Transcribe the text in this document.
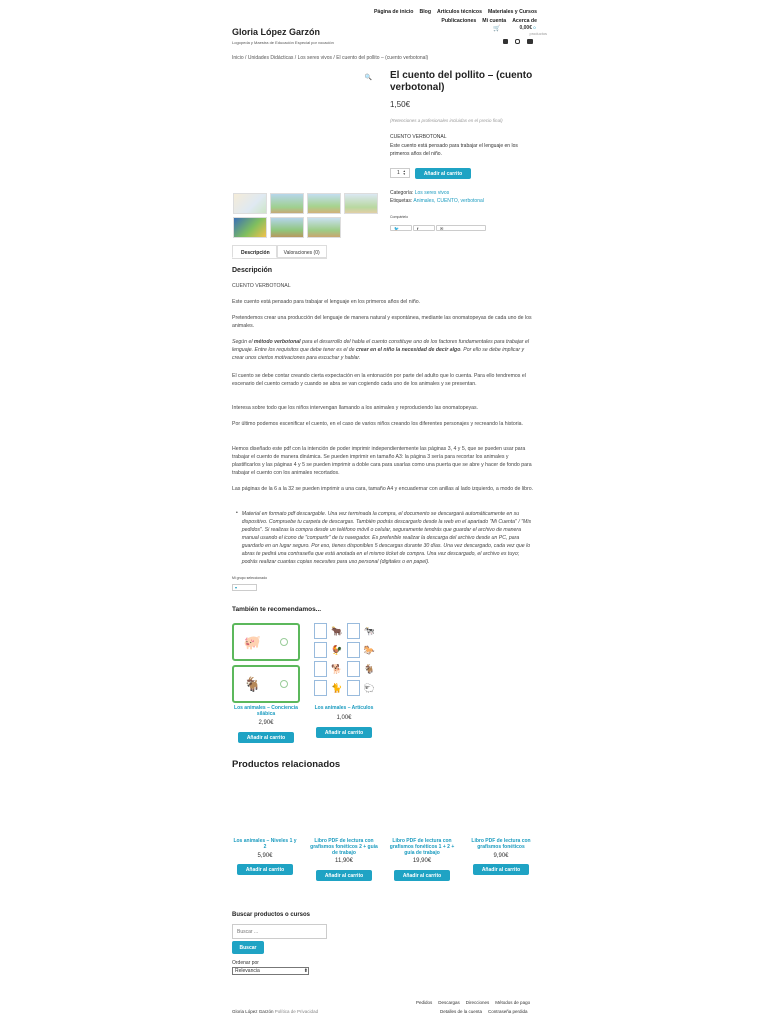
Gloria López Garzón
Logopeda y Maestra de Educación Especial por vocación
Página de inicio Blog Artículos técnicos Materiales y Cursos
Publicaciones Mi cuenta Acerca de
🛒	0,00€ 0
productos
Inicio / Unidades Didácticas / Los seres vivos / El cuento del pollito – (cuento verbotonal)
🔍 El cuento del pollito – (cuento verbotonal)
1,50€
(Retenciones a profesionales incluidas en el precio final)
CUENTO VERBOTONAL
Este cuento está pensado para trabajar el lenguaje en los primeros años del niño.
1 ▲
▼	Añadir al carrito
Categoría: Los seres vivos
Etiquetas: Animales, CUENTO, verbotonal
Compártelo
🐦	f	✉
Descripción	Valoraciones (0)
Descripción
CUENTO VERBOTONAL
Este cuento está pensado para trabajar el lenguaje en los primeros años del niño.
Pretendemos crear una producción del lenguaje de manera natural y espontánea, mediante las onomatopeyas de cada uno de los animales.
Según el método verbotonal para el desarrollo del habla el cuento constituye uno de los factores fundamentales para trabajar el lenguaje. Entre los requisitos que debe tener es el de crear en el niño la necesidad de decir algo. Por ello se debe implicar y crear unos ciertos motivaciones para escuchar y hablar.
El cuento se debe contar creando cierta expectación en la entonación por parte del adulto que lo cuenta. Para ello tendremos el escenario del cuento cerrado y cuando se abra se van cogiendo cada uno de los animales y se presentan.
Interesa sobre todo que los niños intervengan llamando a los animales y reproduciendo las onomatopeyas.
Por último podemos escenificar el cuento, en el caso de varios niños creando los diferentes personajes y recreando la historia.
Hemos diseñado este pdf con la intención de poder imprimir independientemente las páginas 3, 4 y 5, que se pueden usar para trabajar el cuento de manera dinámica. Se pueden imprimir en tamaño A3: la página 3 sería para recortar los animales y plastificarlos y las páginas 4 y 5 se pueden imprimir a doble cara para usarlas como una puerta que se abre y hacer de fondo para trabajar el cuento con los animales recortados.
Las páginas de la 6 a la 32 se pueden imprimir a una cara, tamaño A4 y encuadernar con anillas al lado izquierdo, a modo de libro.
• Material en formato pdf descargable. Una vez terminada la compra, el documento se descargará automáticamente en su dispositivo. Compruebe tu carpeta de descargas. También podrás descargarlo desde la web en el apartado "Mi Cuenta" / "Mis pedidos". Si realizas la compra desde un teléfono móvil o celular, seguramente tendrás que guardar el archivo de manera manual usando el icono de "compartir" de tu navegador. Es preferible realizar la descarga del archivo desde un PC, para guardarlo en un lugar seguro. Por eso, tienes disponibles 5 descargas durante 30 días. Una vez descargado, cada vez que lo abras te pedirá una contraseña que está anotada en el mismo ticket de compra. Una vez descargado, el archivo es tuyo; podrás realizar cuantas copias necesites para uso personal (digitales o en papel).
Mi grupo seleccionado
▾
También te recomendamos...
🐖
🐐
Los animales – Conciencia silábica
2,90€
Añadir al carrito
🐂 🐄
🐓 🐎
🐕 🐐
🐈 🐑
Los animales – Artículos
1,00€
Añadir al carrito
Productos relacionados
Los animales – Niveles 1 y 2
5,90€
Añadir al carrito
Libro PDF de lectura con grafismos fonéticos 2 + guía de trabajo
11,90€
Añadir al carrito
Libro PDF de lectura con grafismos fonéticos 1 + 2 + guía de trabajo
19,90€
Añadir al carrito
Libro PDF de lectura con grafismos fonéticos
9,90€
Añadir al carrito
Buscar productos o cursos
Buscar ...
Buscar
Ordenar por
Relevancia	⬍
Gloria López Garzón Política de Privacidad
Pedidos Descargas Direcciones Métodos de pago
Detalles de la cuenta Contraseña perdida
